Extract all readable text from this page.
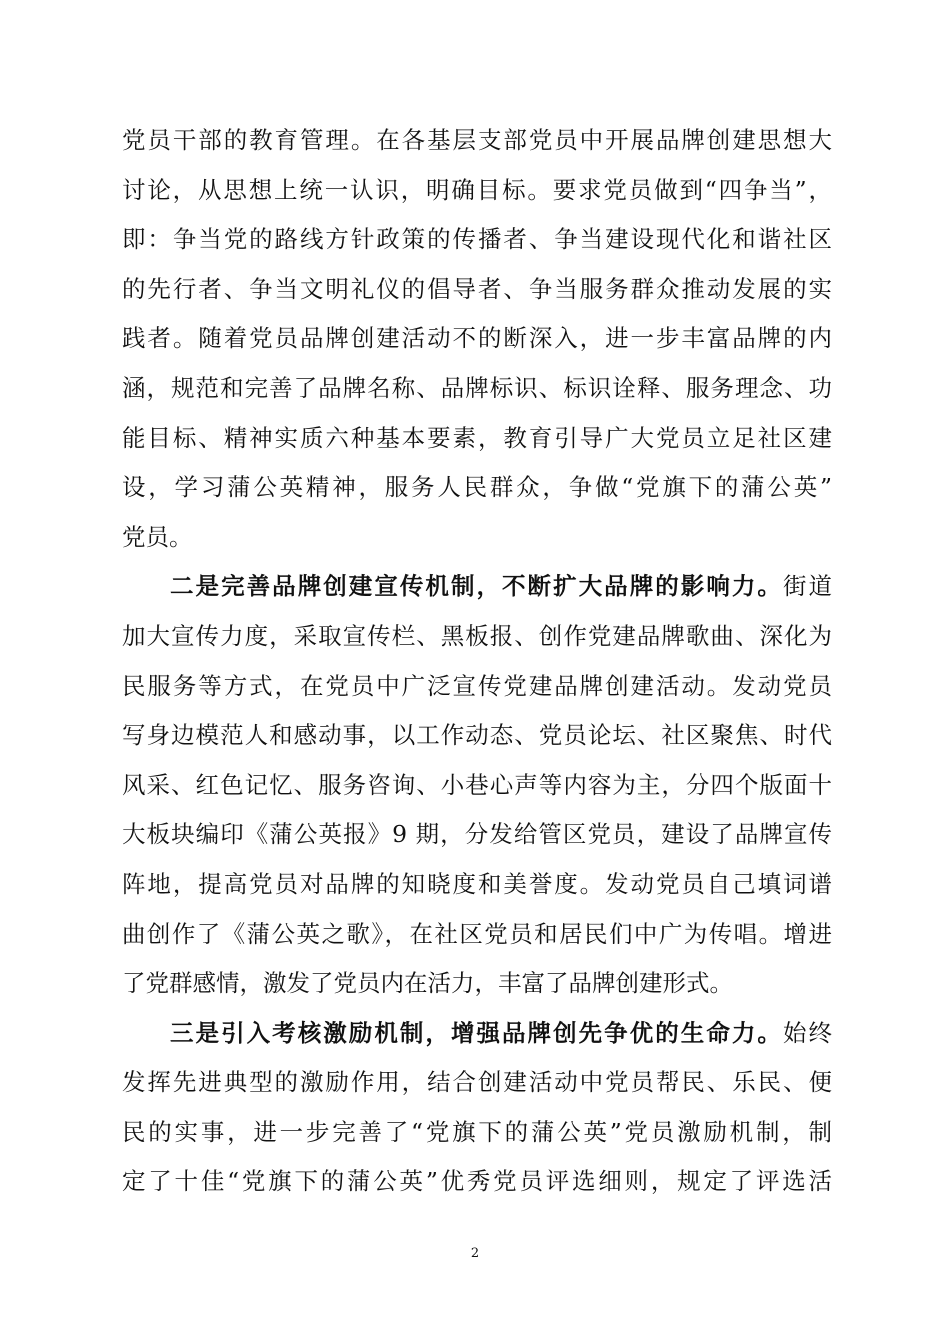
党员干部的教育管理。在各基层支部党员中开展品牌创建思想大
讨论，从思想上统一认识，明确目标。要求党员做到“四争当”，
即：争当党的路线方针政策的传播者、争当建设现代化和谐社区
的先行者、争当文明礼仪的倡导者、争当服务群众推动发展的实
践者。随着党员品牌创建活动不的断深入，进一步丰富品牌的内
涵，规范和完善了品牌名称、品牌标识、标识诠释、服务理念、功
能目标、精神实质六种基本要素，教育引导广大党员立足社区建
设，学习蒲公英精神，服务人民群众，争做“党旗下的蒲公英”
党员。
二是完善品牌创建宣传机制，不断扩大品牌的影响力。街道
加大宣传力度，采取宣传栏、黑板报、创作党建品牌歌曲、深化为
民服务等方式，在党员中广泛宣传党建品牌创建活动。发动党员
写身边模范人和感动事，以工作动态、党员论坛、社区聚焦、时代
风采、红色记忆、服务咨询、小巷心声等内容为主，分四个版面十
大板块编印《蒲公英报》9 期，分发给管区党员，建设了品牌宣传
阵地，提高党员对品牌的知晓度和美誉度。发动党员自己填词谱
曲创作了《蒲公英之歌》，在社区党员和居民们中广为传唱。增进
了党群感情，激发了党员内在活力，丰富了品牌创建形式。
三是引入考核激励机制，增强品牌创先争优的生命力。始终
发挥先进典型的激励作用，结合创建活动中党员帮民、乐民、便
民的实事，进一步完善了“党旗下的蒲公英”党员激励机制，制
定了十佳“党旗下的蒲公英”优秀党员评选细则，规定了评选活
2
